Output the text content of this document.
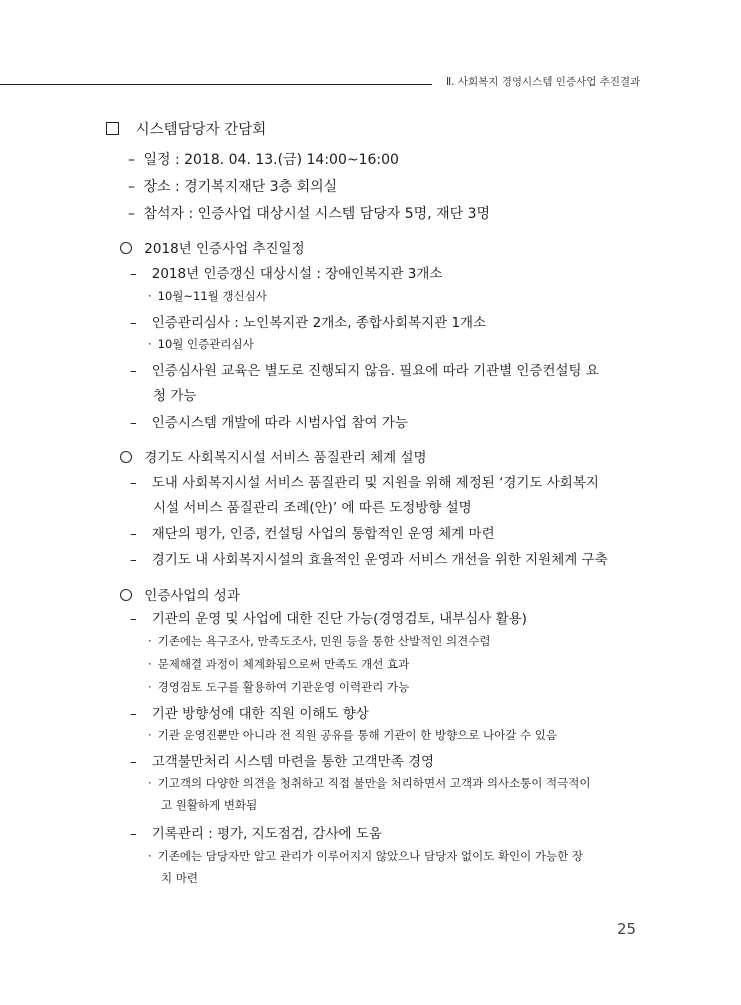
Ⅱ. 사회복지 경영시스템 인증사업 추진결과
시스템담당자 간담회
– 일정 : 2018. 04. 13.(금) 14:00~16:00
– 장소 : 경기복지재단 3층 회의실
– 참석자 : 인증사업 대상시설 시스템 담당자 5명, 재단 3명
2018년 인증사업 추진일정
– 2018년 인증갱신 대상시설 : 장애인복지관 3개소
· 10월~11월 갱신심사
– 인증관리심사 : 노인복지관 2개소, 종합사회복지관 1개소
· 10월 인증관리심사
– 인증심사원 교육은 별도로 진행되지 않음. 필요에 따라 기관별 인증컨설팅 요
청 가능
– 인증시스템 개발에 따라 시범사업 참여 가능
경기도 사회복지시설 서비스 품질관리 체계 설명
– 도내 사회복지시설 서비스 품질관리 및 지원을 위해 제정된 ‘경기도 사회복지
시설 서비스 품질관리 조례(안)’ 에 따른 도정방향 설명
– 재단의 평가, 인증, 컨설팅 사업의 통합적인 운영 체계 마련
– 경기도 내 사회복지시설의 효율적인 운영과 서비스 개선을 위한 지원체계 구축
인증사업의 성과
– 기관의 운영 및 사업에 대한 진단 가능(경영검토, 내부심사 활용)
· 기존에는 욕구조사, 만족도조사, 민원 등을 통한 산발적인 의견수렴
· 문제해결 과정이 체계화됨으로써 만족도 개선 효과
· 경영검토 도구를 활용하여 기관운영 이력관리 가능
– 기관 방향성에 대한 직원 이해도 향상
· 기관 운영진뿐만 아니라 전 직원 공유를 통해 기관이 한 방향으로 나아갈 수 있음
– 고객불만처리 시스템 마련을 통한 고객만족 경영
· 기고객의 다양한 의견을 청취하고 직접 불만을 처리하면서 고객과 의사소통이 적극적이
고 원활하게 변화됨
– 기록관리 : 평가, 지도점검, 감사에 도움
· 기존에는 담당자만 알고 관리가 이루어지지 않았으나 담당자 없이도 확인이 가능한 장
치 마련
25
